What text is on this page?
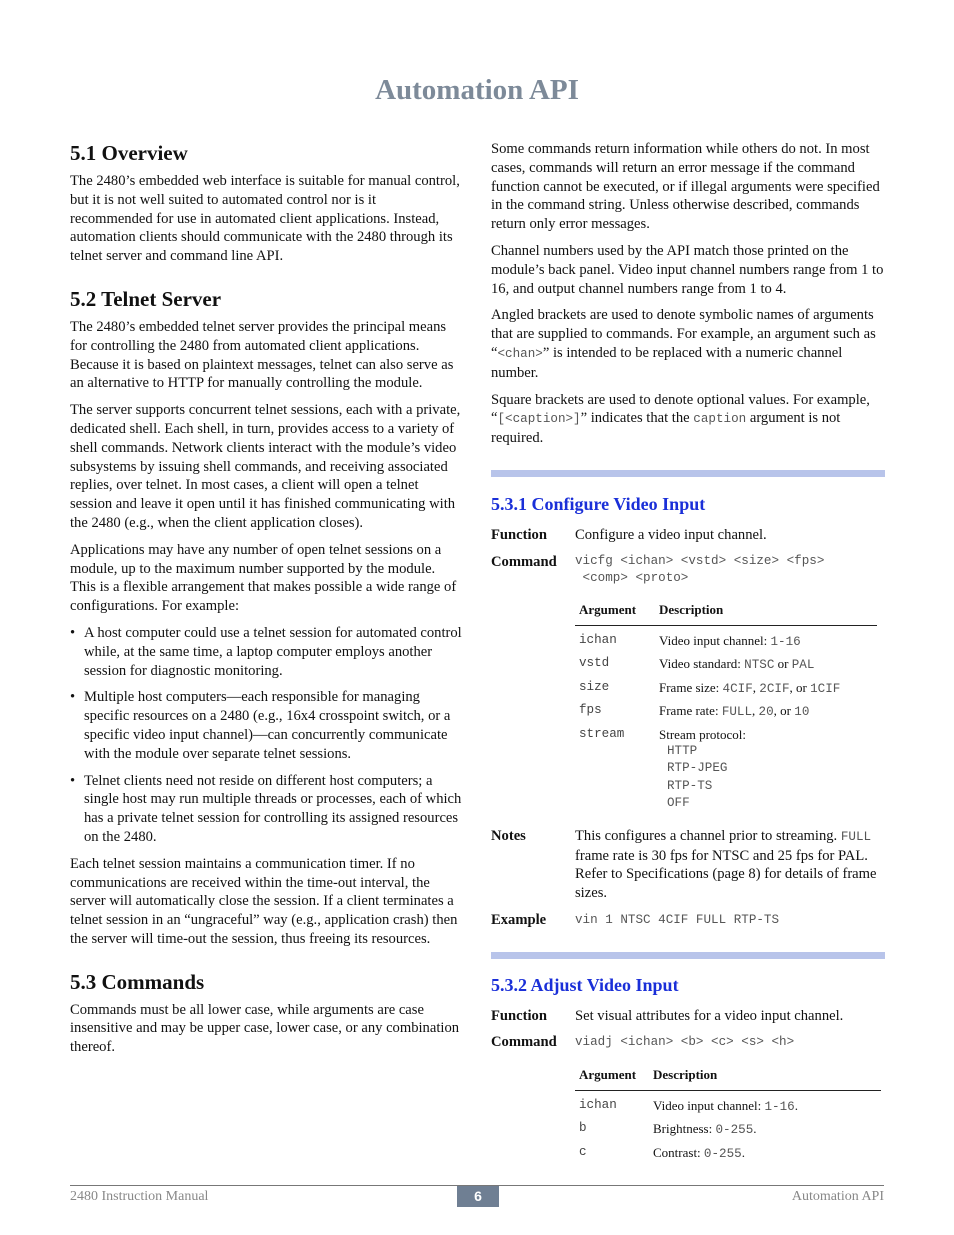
Automation API
5.1 Overview

The 2480’s embedded web interface is suitable for manual control, but it is not well suited to automated control nor is it recommended for use in automated client applications. Instead, automation clients should communicate with the 2480 through its telnet server and command line API.

5.2 Telnet Server

The 2480’s embedded telnet server provides the principal means for controlling the 2480 from automated client applications. Because it is based on plaintext messages, telnet can also serve as an alternative to HTTP for manually controlling the module.

The server supports concurrent telnet sessions, each with a private, dedicated shell. Each shell, in turn, provides access to a variety of shell commands. Network clients interact with the module’s video subsystems by issuing shell commands, and receiving associated replies, over telnet. In most cases, a client will open a telnet session and leave it open until it has finished communicating with the 2480 (e.g., when the client application closes).

Applications may have any number of open telnet sessions on a module, up to the maximum number supported by the module. This is a flexible arrangement that makes possible a wide range of configurations. For example:

• A host computer could use a telnet session for automated control while, at the same time, a laptop computer employs another session for diagnostic monitoring.
• Multiple host computers—each responsible for managing specific resources on a 2480 (e.g., 16x4 crosspoint switch, or a specific video input channel)—can concurrently communicate with the module over separate telnet sessions.
• Telnet clients need not reside on different host computers; a single host may run multiple threads or processes, each of which has a private telnet session for controlling its assigned resources on the 2480.

Each telnet session maintains a communication timer. If no communications are received within the time-out interval, the server will automatically close the session. If a client terminates a telnet session in an “ungraceful” way (e.g., application crash) then the server will time-out the session, thus freeing its resources.

5.3 Commands

Commands must be all lower case, while arguments are case insensitive and may be upper case, lower case, or any combination thereof.

Some commands return information while others do not. In most cases, commands will return an error message if the command function cannot be executed, or if illegal arguments were specified in the command string. Unless otherwise described, commands return only error messages.

Channel numbers used by the API match those printed on the module’s back panel. Video input channel numbers range from 1 to 16, and output channel numbers range from 1 to 4.

Angled brackets are used to denote symbolic names of arguments that are supplied to commands. For example, an argument such as “<chan>” is intended to be replaced with a numeric channel number.

Square brackets are used to denote optional values. For example, “[<caption>]” indicates that the caption argument is not required.

5.3.1 Configure Video Input
Function	Configure a video input channel.
Command	vicfg <ichan> <vstd> <size> <fps>
<comp> <proto>
Argument	Description

ichan	Video input channel: 1-16
vstd	Video standard: NTSC or PAL
size	Frame size: 4CIF, 2CIF, or 1CIF
fps	Frame rate: FULL, 20, or 10
stream	Stream protocol:
HTTP
RTP-JPEG
RTP-TS
OFF
Notes	This configures a channel prior to streaming. FULL frame rate is 30 fps for NTSC and 25 fps for PAL. Refer to Specifications (page 8) for details of frame sizes.
Example	vin 1 NTSC 4CIF FULL RTP-TS
5.3.2 Adjust Video Input
Function	Set visual attributes for a video input channel.
Command	viadj <ichan> <b> <c> <s> <h>
Argument	Description

ichan	Video input channel: 1-16.
b	Brightness: 0-255.
c	Contrast: 0-255.
2480 Instruction Manual	6	Automation API
